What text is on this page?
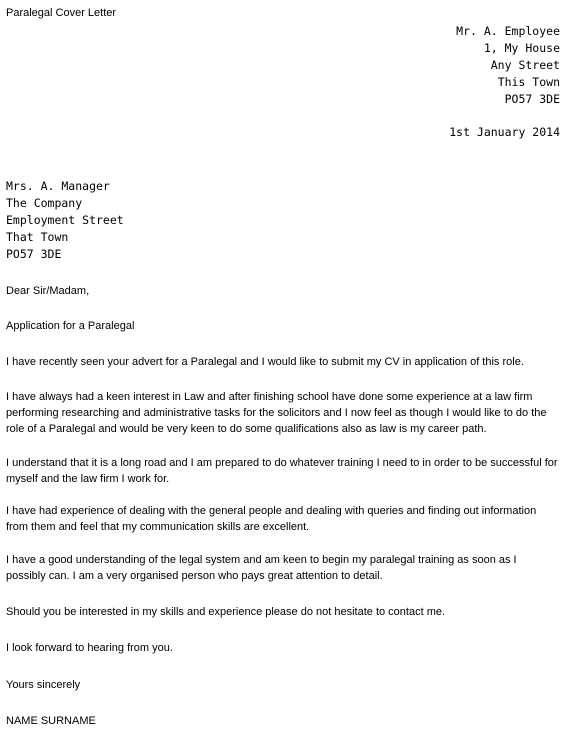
Paralegal Cover Letter
Mr. A. Employee
1, My House
Any Street
This Town
PO57 3DE
1st January 2014
Mrs. A. Manager
The Company
Employment Street
That Town
PO57 3DE

Dear Sir/Madam,

Application for a Paralegal

I have recently seen your advert for a Paralegal and I would like to submit my CV in application of this role.

I have always had a keen interest in Law and after finishing school have done some experience at a law firm performing researching and administrative tasks for the solicitors and I now feel as though I would like to do the role of a Paralegal and would be very keen to do some qualifications also as law is my career path.

I understand that it is a long road and I am prepared to do whatever training I need to in order to be successful for myself and the law firm I work for.

I have had experience of dealing with the general people and dealing with queries and finding out information from them and feel that my communication skills are excellent.

I have a good understanding of the legal system and am keen to begin my paralegal training as soon as I possibly can. I am a very organised person who pays great attention to detail.

Should you be interested in my skills and experience please do not hesitate to contact me.

I look forward to hearing from you.

Yours sincerely

NAME SURNAME
